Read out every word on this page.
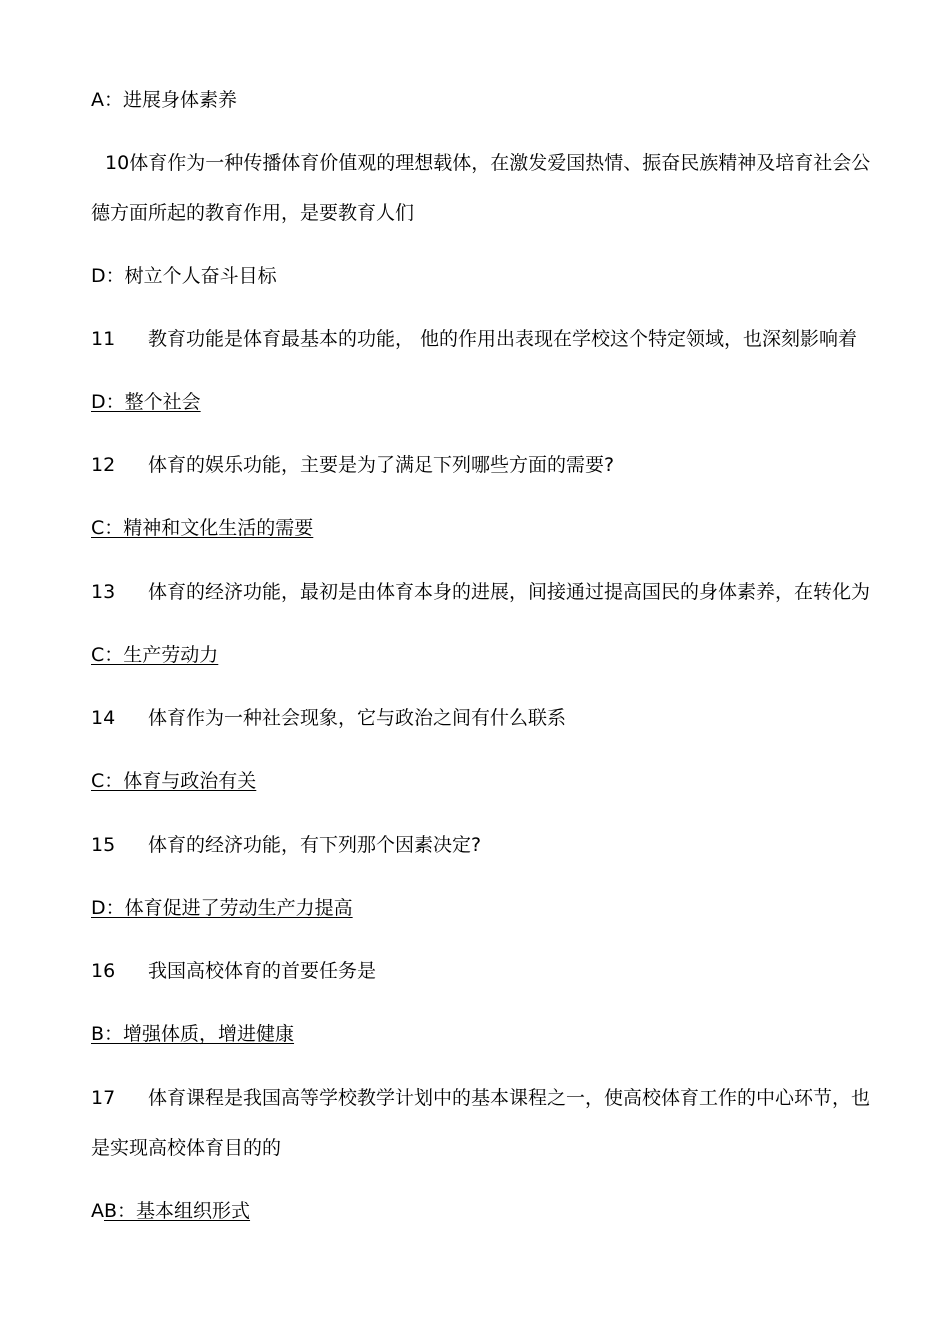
A：进展身体素养
10体育作为一种传播体育价值观的理想载体，在激发爱国热情、振奋民族精神及培育社会公德方面所起的教育作用，是要教育人们
D：树立个人奋斗目标
11 教育功能是体育最基本的功能， 他的作用出表现在学校这个特定领域，也深刻影响着
D：整个社会
12 体育的娱乐功能，主要是为了满足下列哪些方面的需要?
C：精神和文化生活的需要
13 体育的经济功能，最初是由体育本身的进展，间接通过提高国民的身体素养，在转化为
C：生产劳动力
14 体育作为一种社会现象，它与政治之间有什么联系
C：体育与政治有关
15 体育的经济功能，有下列那个因素决定?
D：体育促进了劳动生产力提高
16 我国高校体育的首要任务是
B：增强体质，增进健康
17 体育课程是我国高等学校教学计划中的基本课程之一，使高校体育工作的中心环节，也是实现高校体育目的的
AB：基本组织形式
